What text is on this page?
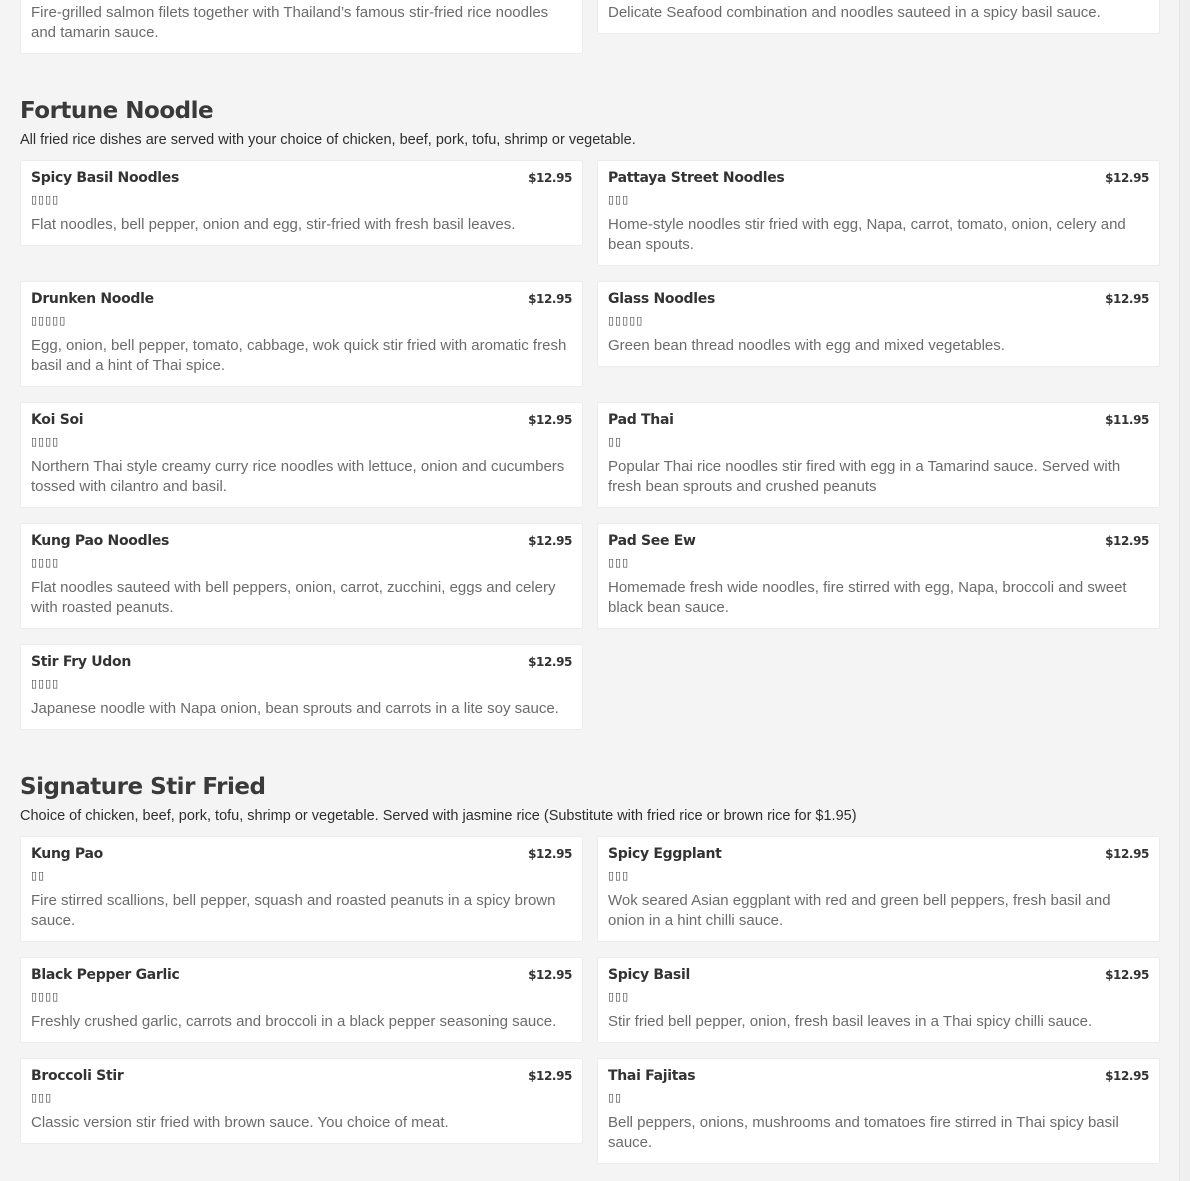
Fire-grilled salmon filets together with Thailand’s famous stir-fried rice noodles and tamarin sauce.
Delicate Seafood combination and noodles sauteed in a spicy basil sauce.
Fortune Noodle

All fried rice dishes are served with your choice of chicken, beef, pork, tofu, shrimp or vegetable.

Spicy Basil Noodles	$12.95
▯▯▯▯
Flat noodles, bell pepper, onion and egg, stir-fried with fresh basil leaves.
Pattaya Street Noodles	$12.95
▯▯▯
Home-style noodles stir fried with egg, Napa, carrot, tomato, onion, celery and bean spouts.
Drunken Noodle	$12.95
▯▯▯▯▯
Egg, onion, bell pepper, tomato, cabbage, wok quick stir fried with aromatic fresh basil and a hint of Thai spice.
Glass Noodles	$12.95
▯▯▯▯▯
Green bean thread noodles with egg and mixed vegetables.
Koi Soi	$12.95
▯▯▯▯
Northern Thai style creamy curry rice noodles with lettuce, onion and cucumbers tossed with cilantro and basil.
Pad Thai	$11.95
▯▯
Popular Thai rice noodles stir fired with egg in a Tamarind sauce. Served with fresh bean sprouts and crushed peanuts
Kung Pao Noodles	$12.95
▯▯▯▯
Flat noodles sauteed with bell peppers, onion, carrot, zucchini, eggs and celery with roasted peanuts.
Pad See Ew	$12.95
▯▯▯
Homemade fresh wide noodles, fire stirred with egg, Napa, broccoli and sweet black bean sauce.
Stir Fry Udon	$12.95
▯▯▯▯
Japanese noodle with Napa onion, bean sprouts and carrots in a lite soy sauce.
Signature Stir Fried

Choice of chicken, beef, pork, tofu, shrimp or vegetable. Served with jasmine rice (Substitute with fried rice or brown rice for $1.95)

Kung Pao	$12.95
▯▯
Fire stirred scallions, bell pepper, squash and roasted peanuts in a spicy brown sauce.
Spicy Eggplant	$12.95
▯▯▯
Wok seared Asian eggplant with red and green bell peppers, fresh basil and onion in a hint chilli sauce.
Black Pepper Garlic	$12.95
▯▯▯▯
Freshly crushed garlic, carrots and broccoli in a black pepper seasoning sauce.
Spicy Basil	$12.95
▯▯▯
Stir fried bell pepper, onion, fresh basil leaves in a Thai spicy chilli sauce.
Broccoli Stir	$12.95
▯▯▯
Classic version stir fried with brown sauce. You choice of meat.
Thai Fajitas	$12.95
▯▯
Bell peppers, onions, mushrooms and tomatoes fire stirred in Thai spicy basil sauce.
